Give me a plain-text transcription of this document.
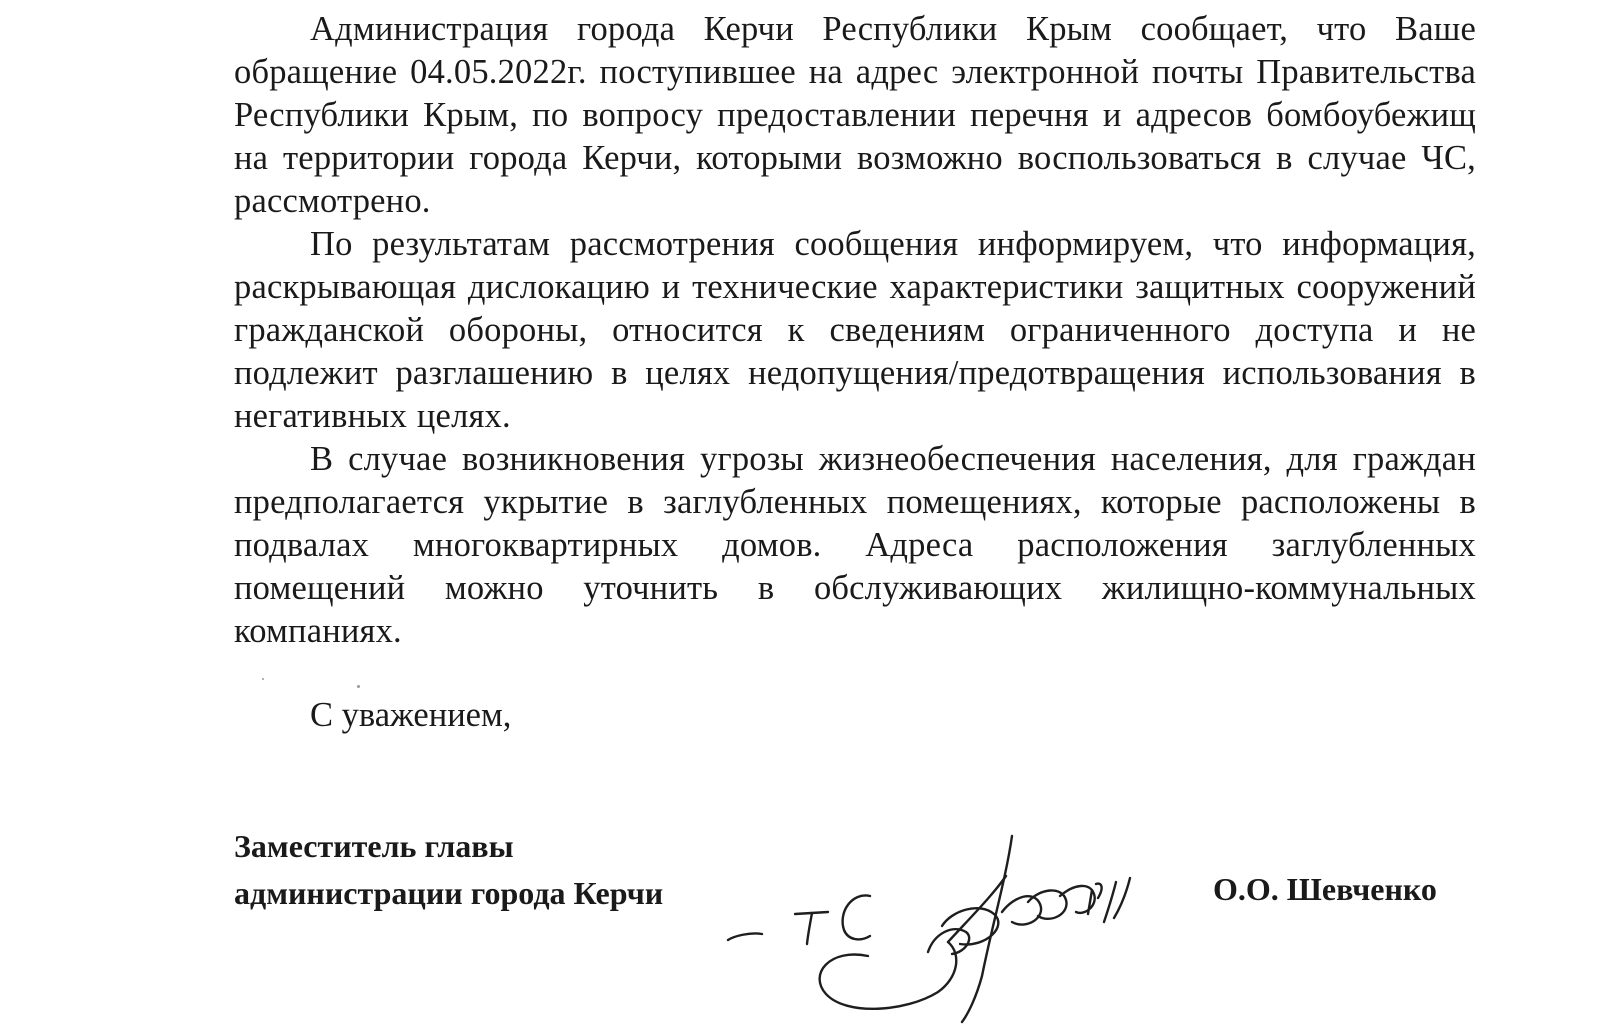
Администрация города Керчи Республики Крым сообщает, что Ваше обращение 04.05.2022г. поступившее на адрес электронной почты Правительства Республики Крым, по вопросу предоставлении перечня и адресов бомбоубежищ на территории города Керчи, которыми возможно воспользоваться в случае ЧС, рассмотрено.

По результатам рассмотрения сообщения информируем, что информация, раскрывающая дислокацию и технические характеристики защитных сооружений гражданской обороны, относится к сведениям ограниченного доступа и не подлежит разглашению в целях недопущения/предотвращения использования в негативных целях.

В случае возникновения угрозы жизнеобеспечения населения, для граждан предполагается укрытие в заглубленных помещениях, которые расположены в подвалах многоквартирных домов. Адреса расположения заглубленных помещений можно уточнить в обслуживающих жилищно-коммунальных компаниях.

С уважением,

Заместитель главы
администрации города Керчи	О.О. Шевченко
